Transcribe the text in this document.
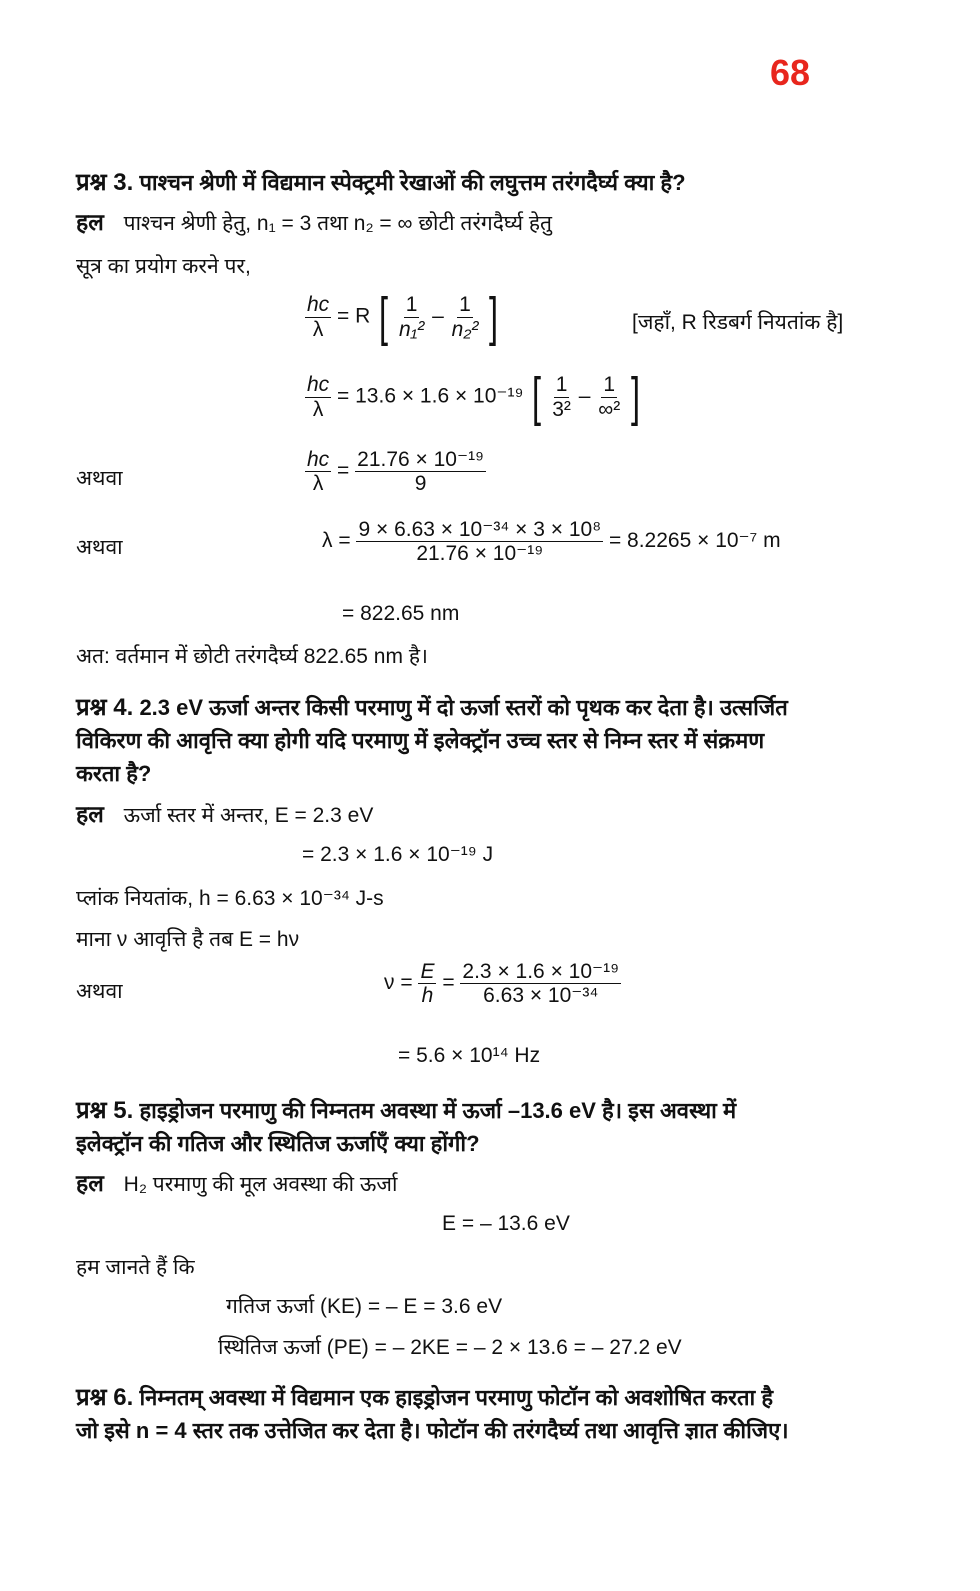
68
प्रश्न 3. पाश्चन श्रेणी में विद्यमान स्पेक्ट्रमी रेखाओं की लघुत्तम तरंगदैर्घ्य क्या है?
हल पाश्चन श्रेणी हेतु, n₁ = 3 तथा n₂ = ∞ छोटी तरंगदैर्घ्य हेतु
सूत्र का प्रयोग करने पर,
$\frac{hc}{\lambda} = R$ [ $\frac{1}{\text{n₁²}} - \frac{1}{\text{n₂²}}$ ]	[जहाँ, R रिडबर्ग नियतांक है]
$\frac{hc}{\lambda} = 13.6 \times 1.6 \times 10^{-19}$ [ $\frac{1}{\text{3²}} - \frac{1}{\text{∞²}}$ ]
अथवा	$\frac{hc}{\lambda} = \frac{\text{21.76 × 10⁻¹⁹}}{9}$
अथवा	$\lambda = \frac{\text{9 × 6.63 × 10⁻³⁴ × 3 × 10⁸}}{\text{21.76 × 10⁻¹⁹}} = 8.2265 \times 10^{-7}$ m
= 822.65 nm
अत: वर्तमान में छोटी तरंगदैर्घ्य 822.65 nm है।
प्रश्न 4. 2.3 eV ऊर्जा अन्तर किसी परमाणु में दो ऊर्जा स्तरों को पृथक कर देता है। उत्सर्जित
विकिरण की आवृत्ति क्या होगी यदि परमाणु में इलेक्ट्रॉन उच्च स्तर से निम्न स्तर में संक्रमण
करता है?
हल ऊर्जा स्तर में अन्तर, E = 2.3 eV
= 2.3 × 1.6 × 10⁻¹⁹ J
प्लांक नियतांक, h = 6.63 × 10⁻³⁴ J-s
माना ν आवृत्ति है तब E = hν
अथवा	$\nu = \frac{E}{h} = \frac{\text{2.3 × 1.6 × 10⁻¹⁹}}{\text{6.63 × 10⁻³⁴}}$
= 5.6 × 10¹⁴ Hz
प्रश्न 5. हाइड्रोजन परमाणु की निम्नतम अवस्था में ऊर्जा –13.6 eV है। इस अवस्था में
इलेक्ट्रॉन की गतिज और स्थितिज ऊर्जाएँ क्या होंगी?
हल H₂ परमाणु की मूल अवस्था की ऊर्जा
E = – 13.6 eV
हम जानते हैं कि
गतिज ऊर्जा (KE) = – E = 3.6 eV
स्थितिज ऊर्जा (PE) = – 2KE = – 2 × 13.6 = – 27.2 eV
प्रश्न 6. निम्नतम् अवस्था में विद्यमान एक हाइड्रोजन परमाणु फोटॉन को अवशोषित करता है
जो इसे n = 4 स्तर तक उत्तेजित कर देता है। फोटॉन की तरंगदैर्घ्य तथा आवृत्ति ज्ञात कीजिए।
